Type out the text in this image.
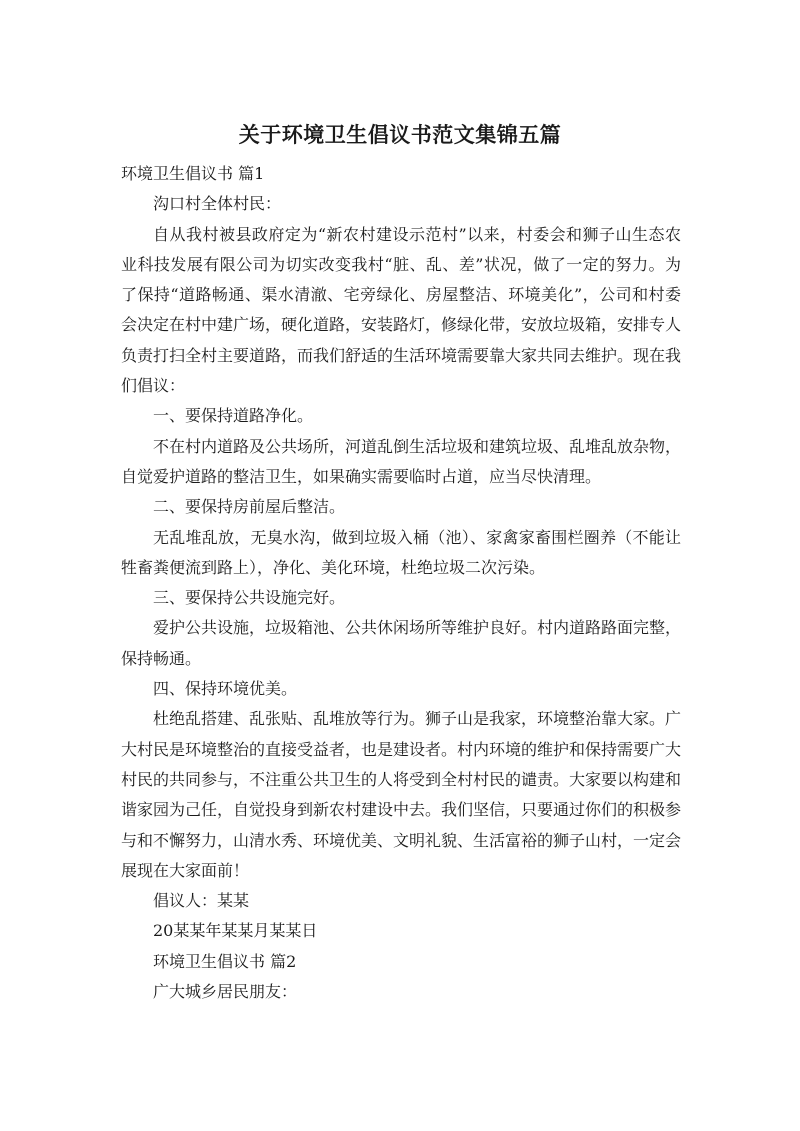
关于环境卫生倡议书范文集锦五篇

环境卫生倡议书 篇1

沟口村全体村民：

自从我村被县政府定为“新农村建设示范村”以来，村委会和狮子山生态农业科技发展有限公司为切实改变我村“脏、乱、差”状况，做了一定的努力。为了保持“道路畅通、渠水清澈、宅旁绿化、房屋整洁、环境美化”，公司和村委会决定在村中建广场，硬化道路，安装路灯，修绿化带，安放垃圾箱，安排专人负责打扫全村主要道路，而我们舒适的生活环境需要靠大家共同去维护。现在我们倡议：

一、要保持道路净化。

不在村内道路及公共场所，河道乱倒生活垃圾和建筑垃圾、乱堆乱放杂物，自觉爱护道路的整洁卫生，如果确实需要临时占道，应当尽快清理。

二、要保持房前屋后整洁。

无乱堆乱放，无臭水沟，做到垃圾入桶（池）、家禽家畜围栏圈养（不能让牲畜粪便流到路上），净化、美化环境，杜绝垃圾二次污染。

三、要保持公共设施完好。

爱护公共设施，垃圾箱池、公共休闲场所等维护良好。村内道路路面完整，保持畅通。

四、保持环境优美。

杜绝乱搭建、乱张贴、乱堆放等行为。狮子山是我家，环境整治靠大家。广大村民是环境整治的直接受益者，也是建设者。村内环境的维护和保持需要广大村民的共同参与，不注重公共卫生的人将受到全村村民的谴责。大家要以构建和谐家园为己任，自觉投身到新农村建设中去。我们坚信，只要通过你们的积极参与和不懈努力，山清水秀、环境优美、文明礼貌、生活富裕的狮子山村，一定会展现在大家面前！

倡议人：某某

20某某年某某月某某日

环境卫生倡议书 篇2

广大城乡居民朋友：
